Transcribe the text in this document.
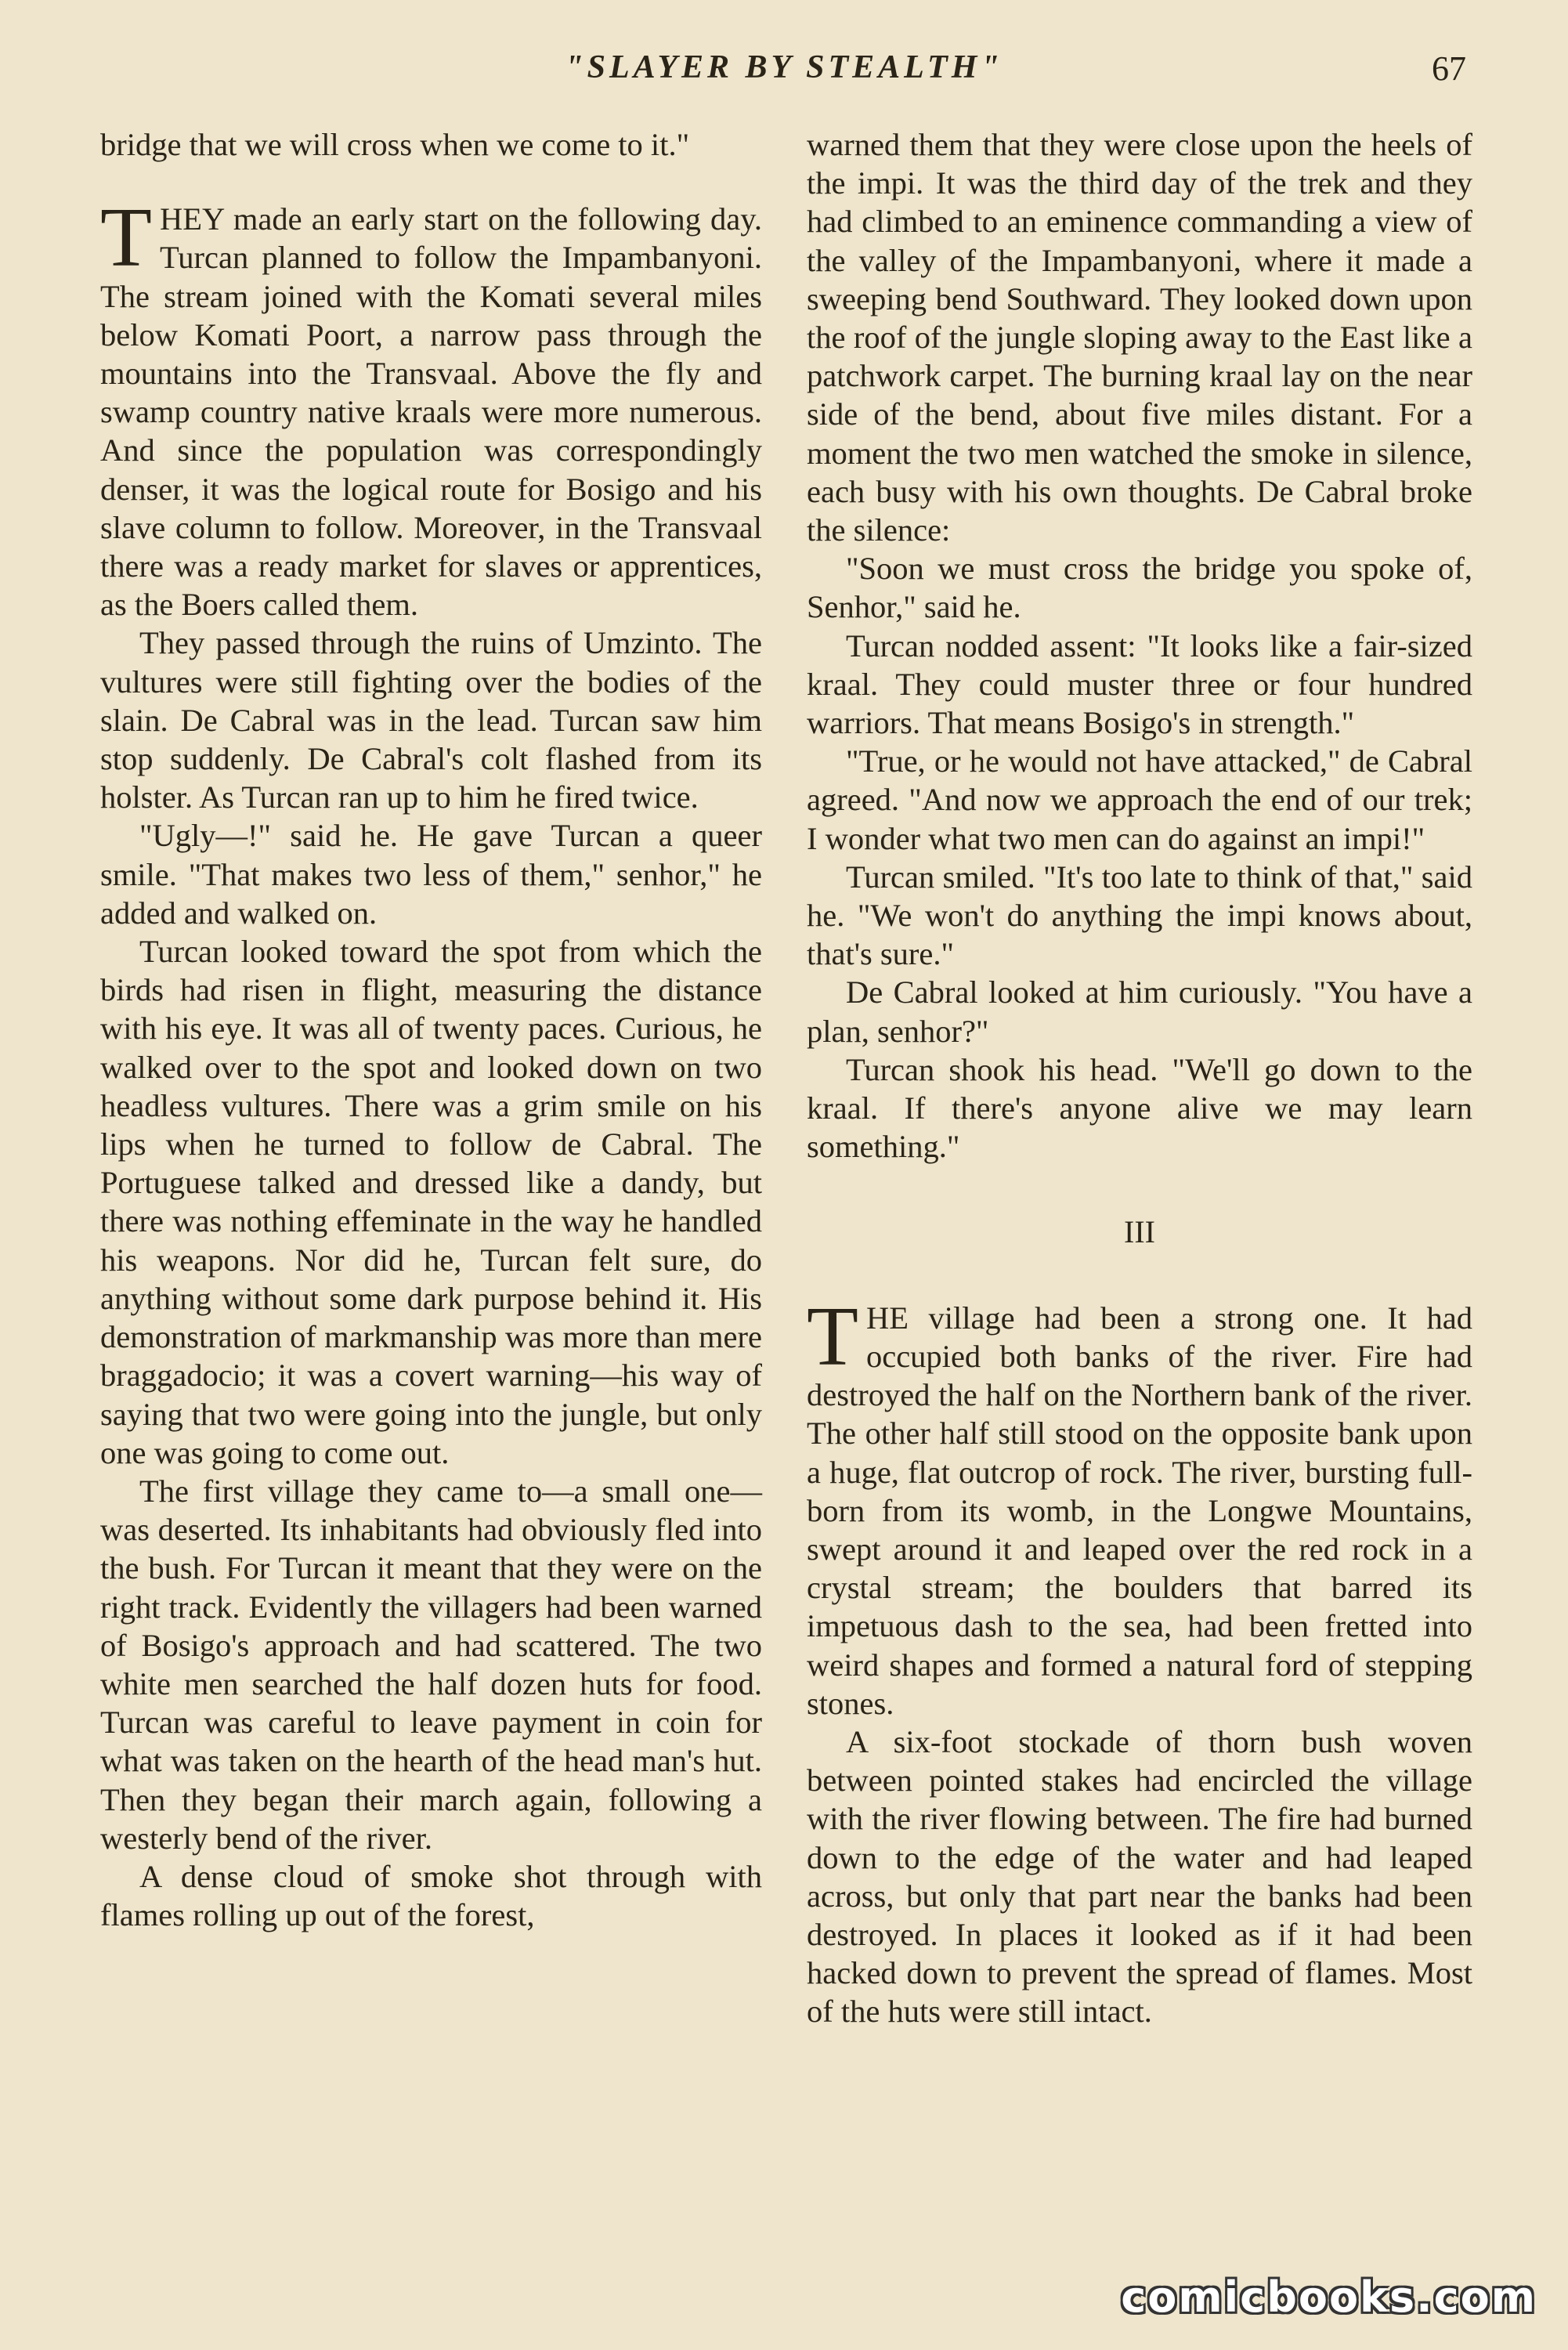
"SLAYER BY STEALTH"	67

bridge that we will cross when we come to it."

THEY made an early start on the following day. Turcan planned to follow the Impambanyoni. The stream joined with the Komati several miles below Komati Poort, a narrow pass through the mountains into the Transvaal. Above the fly and swamp country native kraals were more numerous. And since the population was correspondingly denser, it was the logical route for Bosigo and his slave column to follow. Moreover, in the Transvaal there was a ready market for slaves or apprentices, as the Boers called them.

They passed through the ruins of Umzinto. The vultures were still fighting over the bodies of the slain. De Cabral was in the lead. Turcan saw him stop suddenly. De Cabral's colt flashed from its holster. As Turcan ran up to him he fired twice.

"Ugly—!" said he. He gave Turcan a queer smile. "That makes two less of them," senhor," he added and walked on.

Turcan looked toward the spot from which the birds had risen in flight, measuring the distance with his eye. It was all of twenty paces. Curious, he walked over to the spot and looked down on two headless vultures. There was a grim smile on his lips when he turned to follow de Cabral. The Portuguese talked and dressed like a dandy, but there was nothing effeminate in the way he handled his weapons. Nor did he, Turcan felt sure, do anything without some dark purpose behind it. His demonstration of markmanship was more than mere braggadocio; it was a covert warning—his way of saying that two were going into the jungle, but only one was going to come out.

The first village they came to—a small one—was deserted. Its inhabitants had obviously fled into the bush. For Turcan it meant that they were on the right track. Evidently the villagers had been warned of Bosigo's approach and had scattered. The two white men searched the half dozen huts for food. Turcan was careful to leave payment in coin for what was taken on the hearth of the head man's hut. Then they began their march again, following a westerly bend of the river.

A dense cloud of smoke shot through with flames rolling up out of the forest,

warned them that they were close upon the heels of the impi. It was the third day of the trek and they had climbed to an eminence commanding a view of the valley of the Impambanyoni, where it made a sweeping bend Southward. They looked down upon the roof of the jungle sloping away to the East like a patchwork carpet. The burning kraal lay on the near side of the bend, about five miles distant. For a moment the two men watched the smoke in silence, each busy with his own thoughts. De Cabral broke the silence:

"Soon we must cross the bridge you spoke of, Senhor," said he.

Turcan nodded assent: "It looks like a fair-sized kraal. They could muster three or four hundred warriors. That means Bosigo's in strength."

"True, or he would not have attacked," de Cabral agreed. "And now we approach the end of our trek; I wonder what two men can do against an impi!"

Turcan smiled. "It's too late to think of that," said he. "We won't do anything the impi knows about, that's sure."

De Cabral looked at him curiously. "You have a plan, senhor?"

Turcan shook his head. "We'll go down to the kraal. If there's anyone alive we may learn something."

III

THE village had been a strong one. It had occupied both banks of the river. Fire had destroyed the half on the Northern bank of the river. The other half still stood on the opposite bank upon a huge, flat outcrop of rock. The river, bursting full-born from its womb, in the Longwe Mountains, swept around it and leaped over the red rock in a crystal stream; the boulders that barred its impetuous dash to the sea, had been fretted into weird shapes and formed a natural ford of stepping stones.

A six-foot stockade of thorn bush woven between pointed stakes had encircled the village with the river flowing between. The fire had burned down to the edge of the water and had leaped across, but only that part near the banks had been destroyed. In places it looked as if it had been hacked down to prevent the spread of flames. Most of the huts were still intact.

comicbooks.com
